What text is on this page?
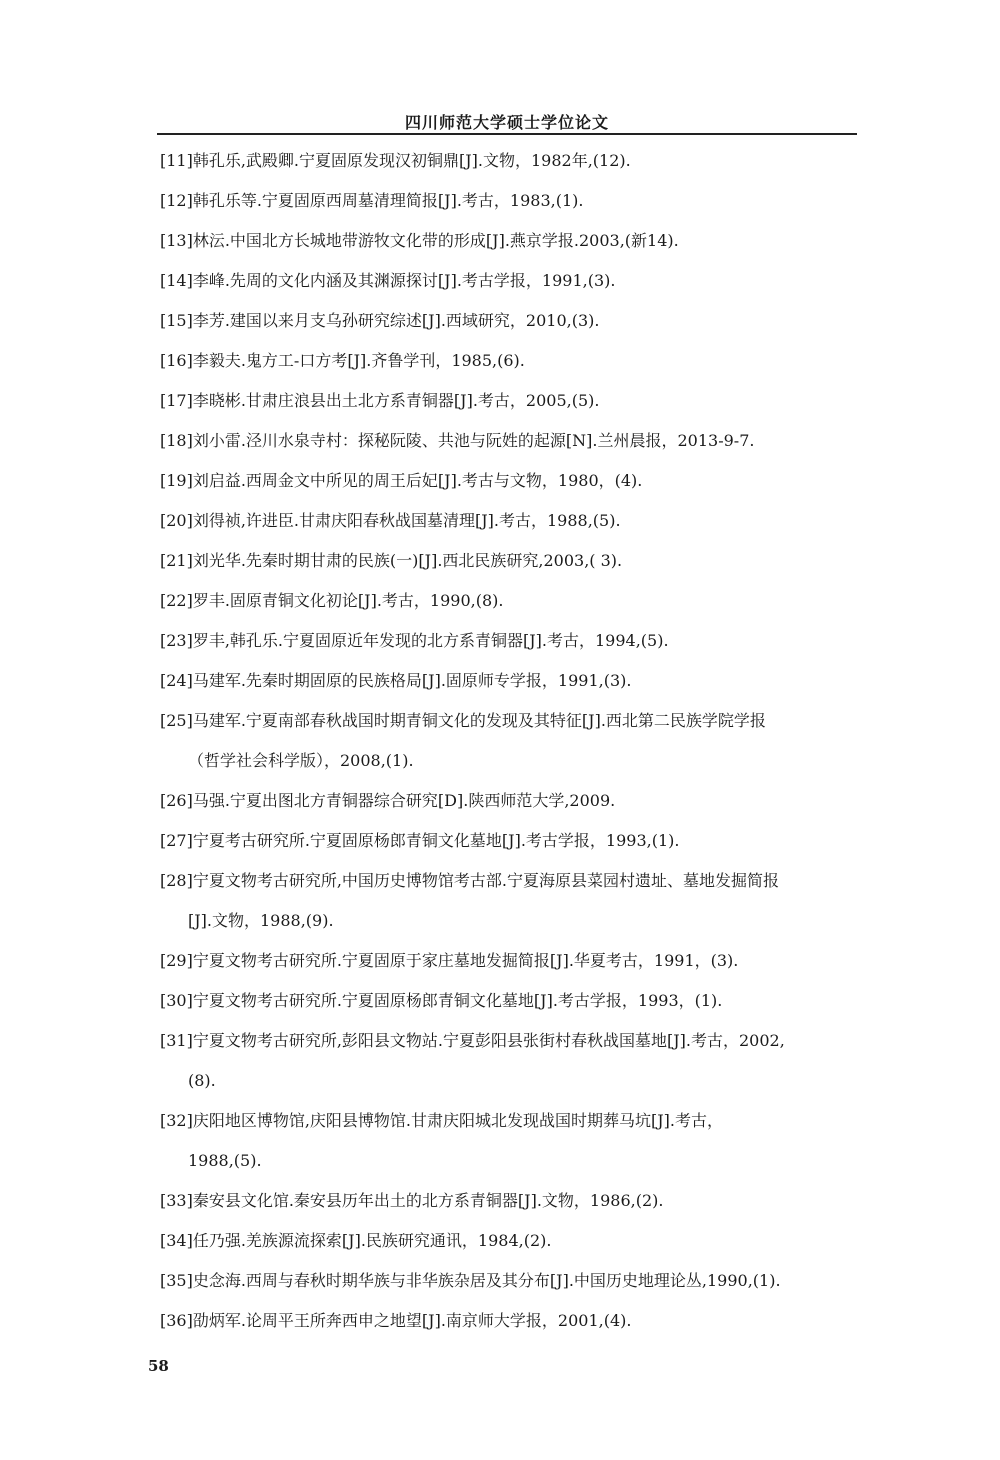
四川师范大学硕士学位论文
[11]韩孔乐,武殿卿.宁夏固原发现汉初铜鼎[J].文物，1982年,(12).
[12]韩孔乐等.宁夏固原西周墓清理简报[J].考古，1983,(1).
[13]林沄.中国北方长城地带游牧文化带的形成[J].燕京学报.2003,(新14).
[14]李峰.先周的文化内涵及其渊源探讨[J].考古学报，1991,(3).
[15]李芳.建国以来月支乌孙研究综述[J].西域研究，2010,(3).
[16]李毅夫.鬼方工-口方考[J].齐鲁学刊，1985,(6).
[17]李晓彬.甘肃庄浪县出土北方系青铜器[J].考古，2005,(5).
[18]刘小雷.泾川水泉寺村：探秘阮陵、共池与阮姓的起源[N].兰州晨报，2013-9-7.
[19]刘启益.西周金文中所见的周王后妃[J].考古与文物，1980，(4).
[20]刘得祯,许进臣.甘肃庆阳春秋战国墓清理[J].考古，1988,(5).
[21]刘光华.先秦时期甘肃的民族(一)[J].西北民族研究,2003,( 3).
[22]罗丰.固原青铜文化初论[J].考古，1990,(8).
[23]罗丰,韩孔乐.宁夏固原近年发现的北方系青铜器[J].考古，1994,(5).
[24]马建军.先秦时期固原的民族格局[J].固原师专学报，1991,(3).
[25]马建军.宁夏南部春秋战国时期青铜文化的发现及其特征[J].西北第二民族学院学报
（哲学社会科学版），2008,(1).
[26]马强.宁夏出图北方青铜器综合研究[D].陕西师范大学,2009.
[27]宁夏考古研究所.宁夏固原杨郎青铜文化墓地[J].考古学报，1993,(1).
[28]宁夏文物考古研究所,中国历史博物馆考古部.宁夏海原县菜园村遗址、墓地发掘简报
[J].文物，1988,(9).
[29]宁夏文物考古研究所.宁夏固原于家庄墓地发掘简报[J].华夏考古，1991，(3).
[30]宁夏文物考古研究所.宁夏固原杨郎青铜文化墓地[J].考古学报，1993，(1).
[31]宁夏文物考古研究所,彭阳县文物站.宁夏彭阳县张街村春秋战国墓地[J].考古，2002,
(8).
[32]庆阳地区博物馆,庆阳县博物馆.甘肃庆阳城北发现战国时期葬马坑[J].考古，
1988,(5).
[33]秦安县文化馆.秦安县历年出土的北方系青铜器[J].文物，1986,(2).
[34]任乃强.羌族源流探索[J].民族研究通讯，1984,(2).
[35]史念海.西周与春秋时期华族与非华族杂居及其分布[J].中国历史地理论丛,1990,(1).
[36]劭炳军.论周平王所奔西申之地望[J].南京师大学报，2001,(4).
58
